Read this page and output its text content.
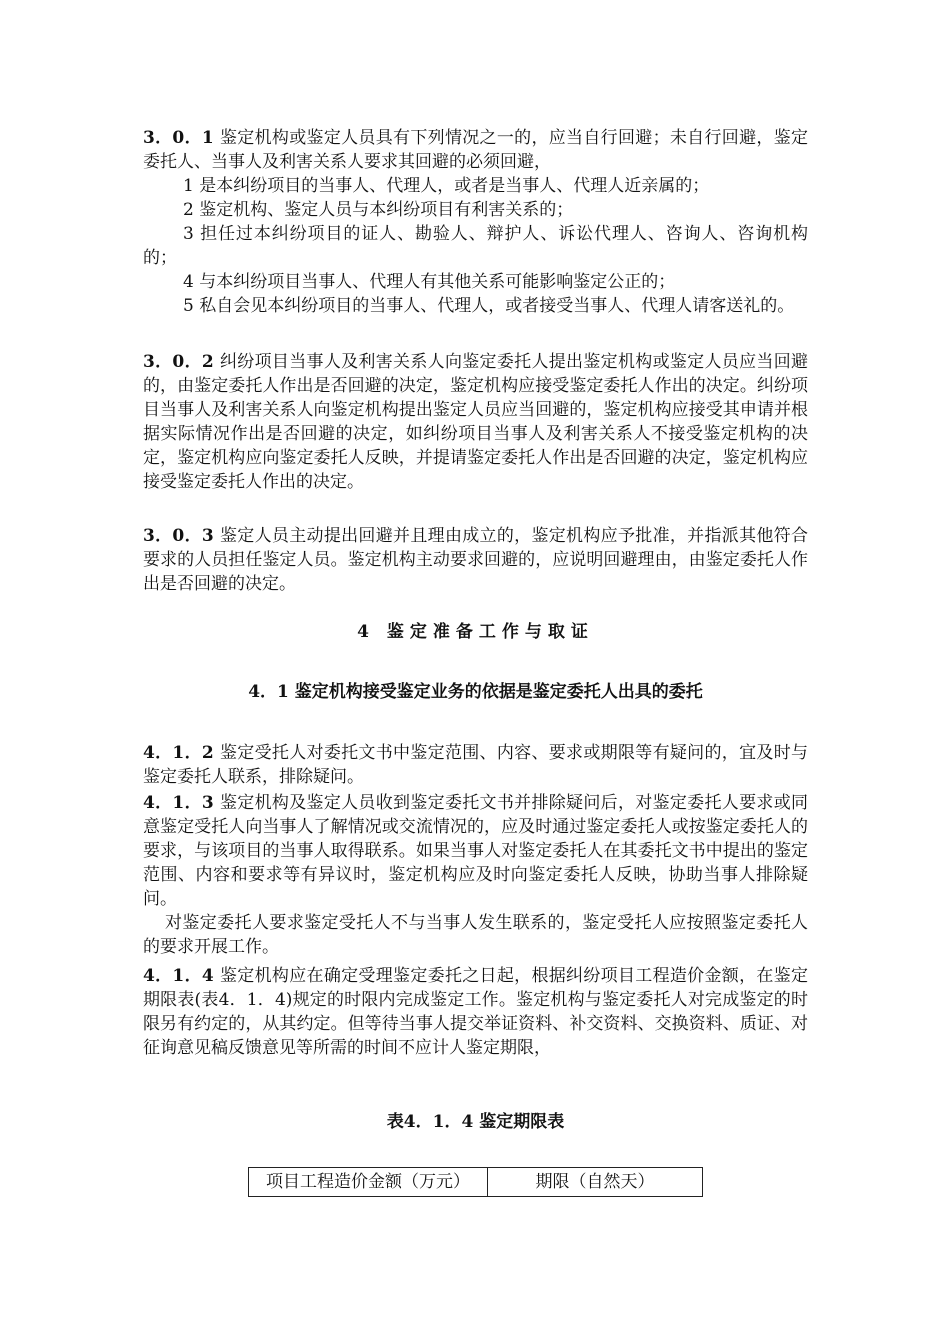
3．0．1 鉴定机构或鉴定人员具有下列情况之一的，应当自行回避；未自行回避，鉴定委托人、当事人及利害关系人要求其回避的必须回避，

1 是本纠纷项目的当事人、代理人，或者是当事人、代理人近亲属的；

2 鉴定机构、鉴定人员与本纠纷项目有利害关系的；

3 担任过本纠纷项目的证人、勘验人、辩护人、诉讼代理人、咨询人、咨询机构的；

4 与本纠纷项目当事人、代理人有其他关系可能影响鉴定公正的；

5 私自会见本纠纷项目的当事人、代理人，或者接受当事人、代理人请客送礼的。

3．0．2 纠纷项目当事人及利害关系人向鉴定委托人提出鉴定机构或鉴定人员应当回避的，由鉴定委托人作出是否回避的决定，鉴定机构应接受鉴定委托人作出的决定。纠纷项目当事人及利害关系人向鉴定机构提出鉴定人员应当回避的，鉴定机构应接受其申请并根据实际情况作出是否回避的决定，如纠纷项目当事人及利害关系人不接受鉴定机构的决定，鉴定机构应向鉴定委托人反映，并提请鉴定委托人作出是否回避的决定，鉴定机构应接受鉴定委托人作出的决定。

3．0．3 鉴定人员主动提出回避并且理由成立的，鉴定机构应予批准，并指派其他符合要求的人员担任鉴定人员。鉴定机构主动要求回避的，应说明回避理由，由鉴定委托人作出是否回避的决定。

4 鉴定准备工作与取证

4．1 鉴定机构接受鉴定业务的依据是鉴定委托人出具的委托

4．1．2 鉴定受托人对委托文书中鉴定范围、内容、要求或期限等有疑问的，宜及时与鉴定委托人联系，排除疑问。

4．1．3 鉴定机构及鉴定人员收到鉴定委托文书并排除疑问后，对鉴定委托人要求或同意鉴定受托人向当事人了解情况或交流情况的，应及时通过鉴定委托人或按鉴定委托人的要求，与该项目的当事人取得联系。如果当事人对鉴定委托人在其委托文书中提出的鉴定范围、内容和要求等有异议时，鉴定机构应及时向鉴定委托人反映，协助当事人排除疑问。

对鉴定委托人要求鉴定受托人不与当事人发生联系的，鉴定受托人应按照鉴定委托人的要求开展工作。

4．1．4 鉴定机构应在确定受理鉴定委托之日起，根据纠纷项目工程造价金额，在鉴定期限表(表4．1．4)规定的时限内完成鉴定工作。鉴定机构与鉴定委托人对完成鉴定的时限另有约定的，从其约定。但等待当事人提交举证资料、补交资料、交换资料、质证、对征询意见稿反馈意见等所需的时间不应计人鉴定期限，

表4．1．4 鉴定期限表

项目工程造价金额（万元）	期限（自然天）
